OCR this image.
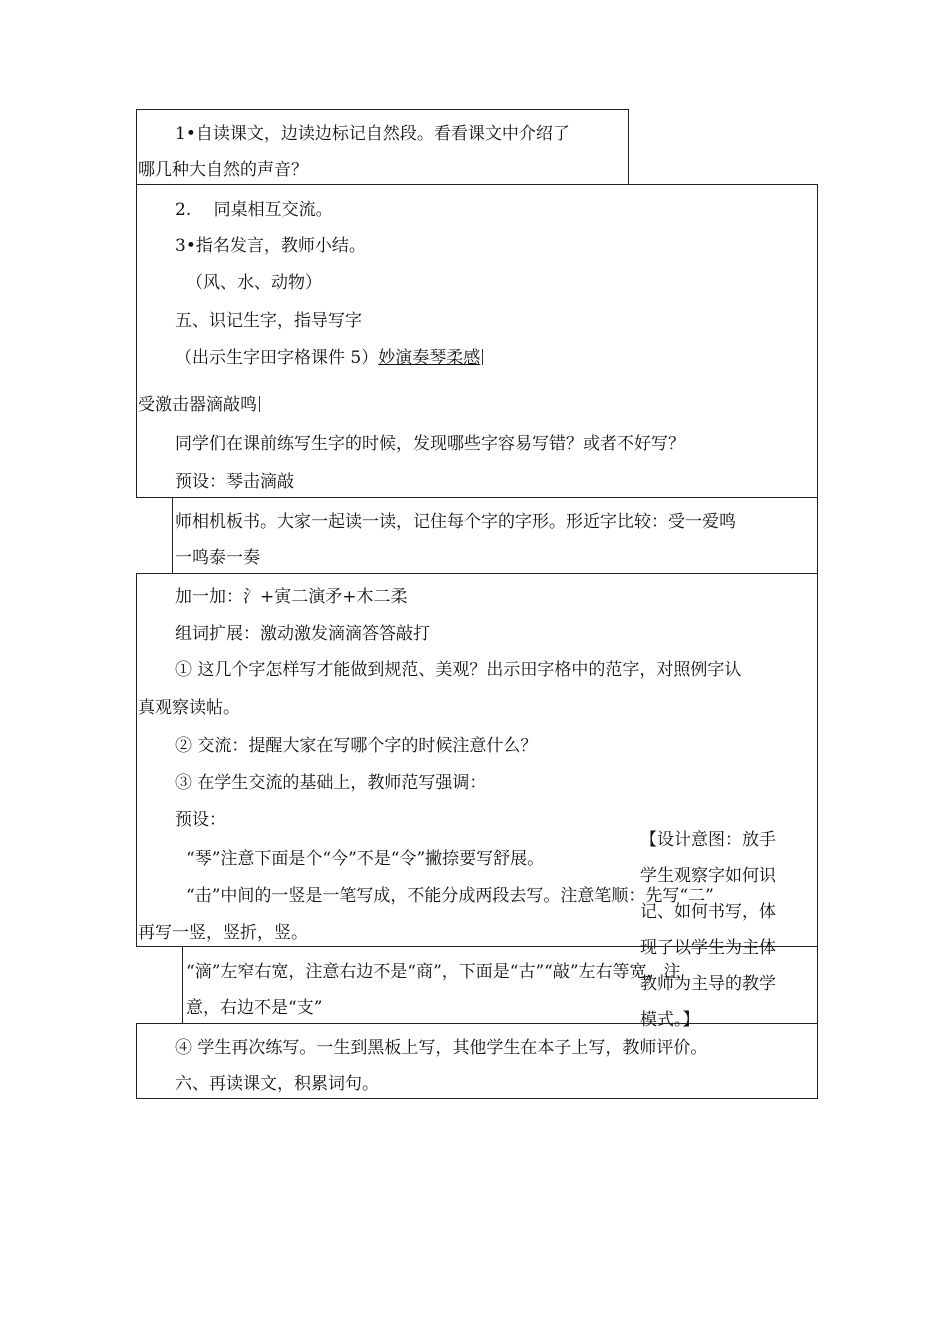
1•自读课文，边读边标记自然段。看看课文中介绍了
哪几种大自然的声音？
2.　 同桌相互交流。
3•指名发言，教师小结。
（风、水、动物）
五、识记生字，指导写字
（出示生字田字格课件 5）妙演奏琴柔感
受激击器滴敲鸣
同学们在课前练写生字的时候，发现哪些字容易写错？或者不好写？
预设：琴击滴敲
师相机板书。大家一起读一读，记住每个字的字形。形近字比较：受一爱鸣
一鸣泰一奏
加一加：氵+寅二演矛+木二柔
组词扩展：激动激发滴滴答答敲打
① 这几个字怎样写才能做到规范、美观？出示田字格中的范字，对照例字认
真观察读帖。
② 交流：提醒大家在写哪个字的时候注意什么？
③ 在学生交流的基础上，教师范写强调：
预设：
“琴”注意下面是个“今”不是“令”撇捺要写舒展。
“击”中间的一竖是一笔写成，不能分成两段去写。注意笔顺：先写“二”
再写一竖，竖折，竖。
“滴”左窄右宽，注意右边不是“商”，下面是“古”“敲”左右等宽，注
意，右边不是“支”
④ 学生再次练写。一生到黑板上写，其他学生在本子上写，教师评价。
六、再读课文，积累词句。
【设计意图：放手
学生观察字如何识
记、如何书写，体
现了以学生为主体
教师为主导的教学
模式。】
